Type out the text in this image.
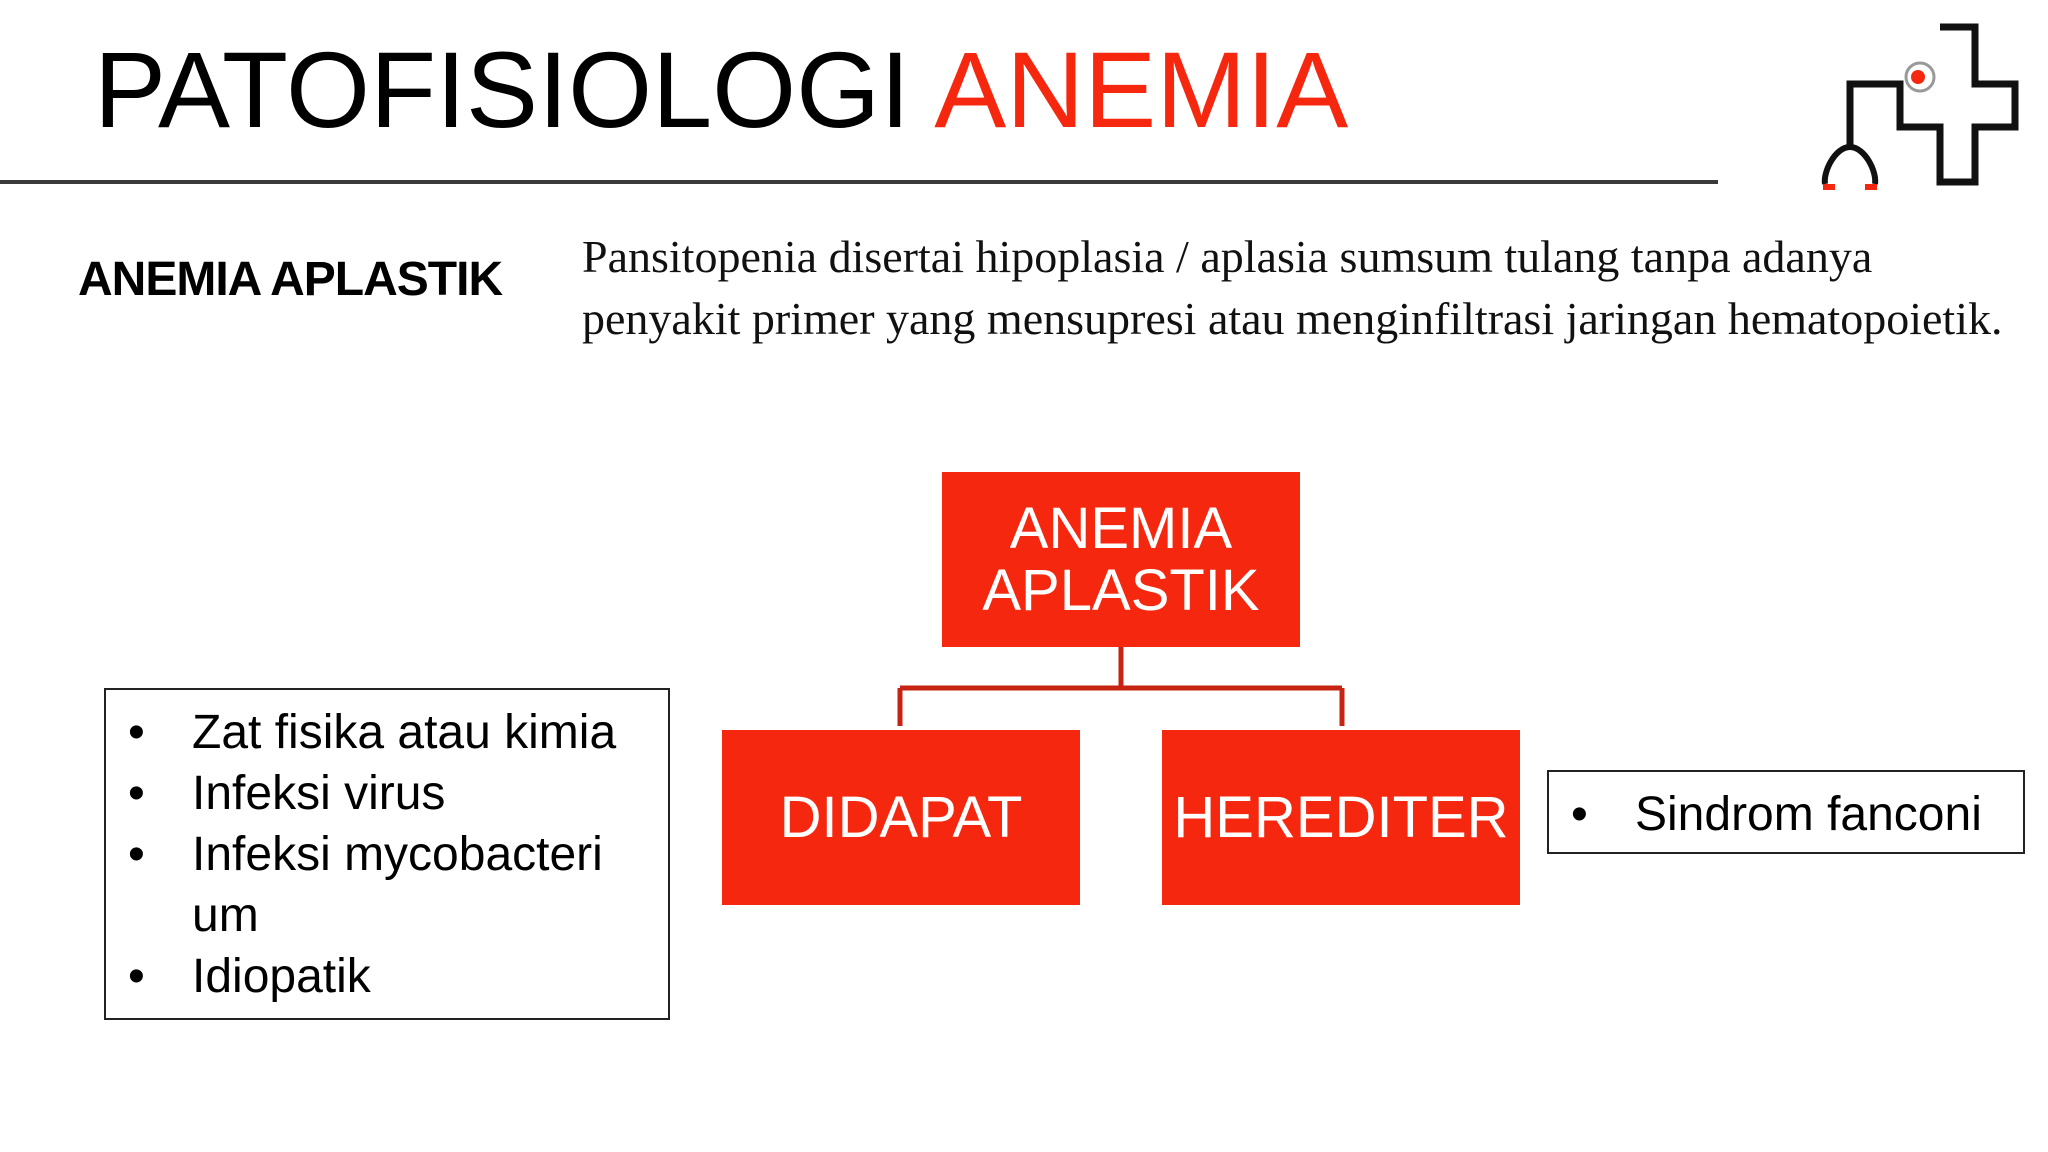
PATOFISIOLOGI ANEMIA
ANEMIA APLASTIK Pansitopenia disertai hipoplasia / aplasia sumsum tulang tanpa adanya penyakit primer yang mensupresi atau menginfiltrasi jaringan hematopoietik.
ANEMIA
APLASTIK
DIDAPAT	HEREDITER
• Zat fisika atau kimia
• Infeksi virus
• Infeksi mycobacteri um
• Idiopatik
• Sindrom fanconi
